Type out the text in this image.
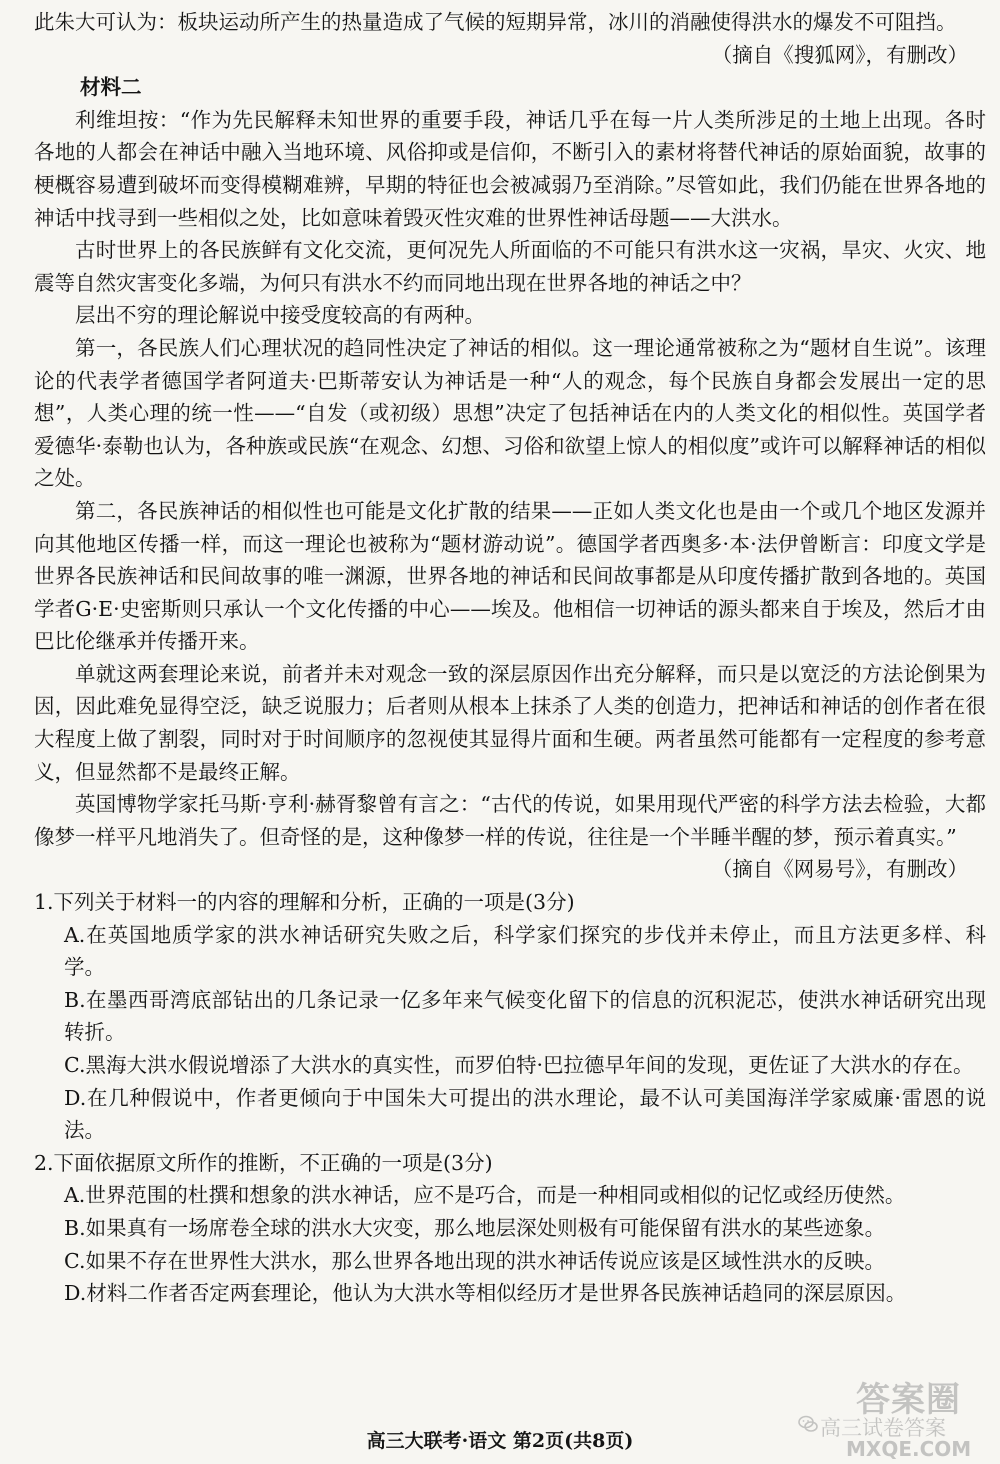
此朱大可认为：板块运动所产生的热量造成了气候的短期异常，冰川的消融使得洪水的爆发不可阻挡。

（摘自《搜狐网》，有删改）

材料二

利维坦按：“作为先民解释未知世界的重要手段，神话几乎在每一片人类所涉足的土地上出现。各时各地的人都会在神话中融入当地环境、风俗抑或是信仰，不断引入的素材将替代神话的原始面貌，故事的梗概容易遭到破坏而变得模糊难辨，早期的特征也会被减弱乃至消除。”尽管如此，我们仍能在世界各地的神话中找寻到一些相似之处，比如意味着毁灭性灾难的世界性神话母题——大洪水。

古时世界上的各民族鲜有文化交流，更何况先人所面临的不可能只有洪水这一灾祸，旱灾、火灾、地震等自然灾害变化多端，为何只有洪水不约而同地出现在世界各地的神话之中？

层出不穷的理论解说中接受度较高的有两种。

第一，各民族人们心理状况的趋同性决定了神话的相似。这一理论通常被称之为“题材自生说”。该理论的代表学者德国学者阿道夫·巴斯蒂安认为神话是一种“人的观念，每个民族自身都会发展出一定的思想”，人类心理的统一性——“自发（或初级）思想”决定了包括神话在内的人类文化的相似性。英国学者爱德华·泰勒也认为，各种族或民族“在观念、幻想、习俗和欲望上惊人的相似度”或许可以解释神话的相似之处。

第二，各民族神话的相似性也可能是文化扩散的结果——正如人类文化也是由一个或几个地区发源并向其他地区传播一样，而这一理论也被称为“题材游动说”。德国学者西奥多·本·法伊曾断言：印度文学是世界各民族神话和民间故事的唯一渊源，世界各地的神话和民间故事都是从印度传播扩散到各地的。英国学者G·E·史密斯则只承认一个文化传播的中心——埃及。他相信一切神话的源头都来自于埃及，然后才由巴比伦继承并传播开来。

单就这两套理论来说，前者并未对观念一致的深层原因作出充分解释，而只是以宽泛的方法论倒果为因，因此难免显得空泛，缺乏说服力；后者则从根本上抹杀了人类的创造力，把神话和神话的创作者在很大程度上做了割裂，同时对于时间顺序的忽视使其显得片面和生硬。两者虽然可能都有一定程度的参考意义，但显然都不是最终正解。

英国博物学家托马斯·亨利·赫胥黎曾有言之：“古代的传说，如果用现代严密的科学方法去检验，大都像梦一样平凡地消失了。但奇怪的是，这种像梦一样的传说，往往是一个半睡半醒的梦，预示着真实。”

（摘自《网易号》，有删改）

1.下列关于材料一的内容的理解和分析，正确的一项是(3分)

A.在英国地质学家的洪水神话研究失败之后，科学家们探究的步伐并未停止，而且方法更多样、科学。

B.在墨西哥湾底部钻出的几条记录一亿多年来气候变化留下的信息的沉积泥芯，使洪水神话研究出现转折。

C.黑海大洪水假说增添了大洪水的真实性，而罗伯特·巴拉德早年间的发现，更佐证了大洪水的存在。

D.在几种假说中，作者更倾向于中国朱大可提出的洪水理论，最不认可美国海洋学家威廉·雷恩的说法。

2.下面依据原文所作的推断，不正确的一项是(3分)

A.世界范围的杜撰和想象的洪水神话，应不是巧合，而是一种相同或相似的记忆或经历使然。

B.如果真有一场席卷全球的洪水大灾变，那么地层深处则极有可能保留有洪水的某些迹象。

C.如果不存在世界性大洪水，那么世界各地出现的洪水神话传说应该是区域性洪水的反映。

D.材料二作者否定两套理论，他认为大洪水等相似经历才是世界各民族神话趋同的深层原因。

高三大联考·语文 第2页(共8页)
答案圈
高三试卷答案
MXQE.COM
